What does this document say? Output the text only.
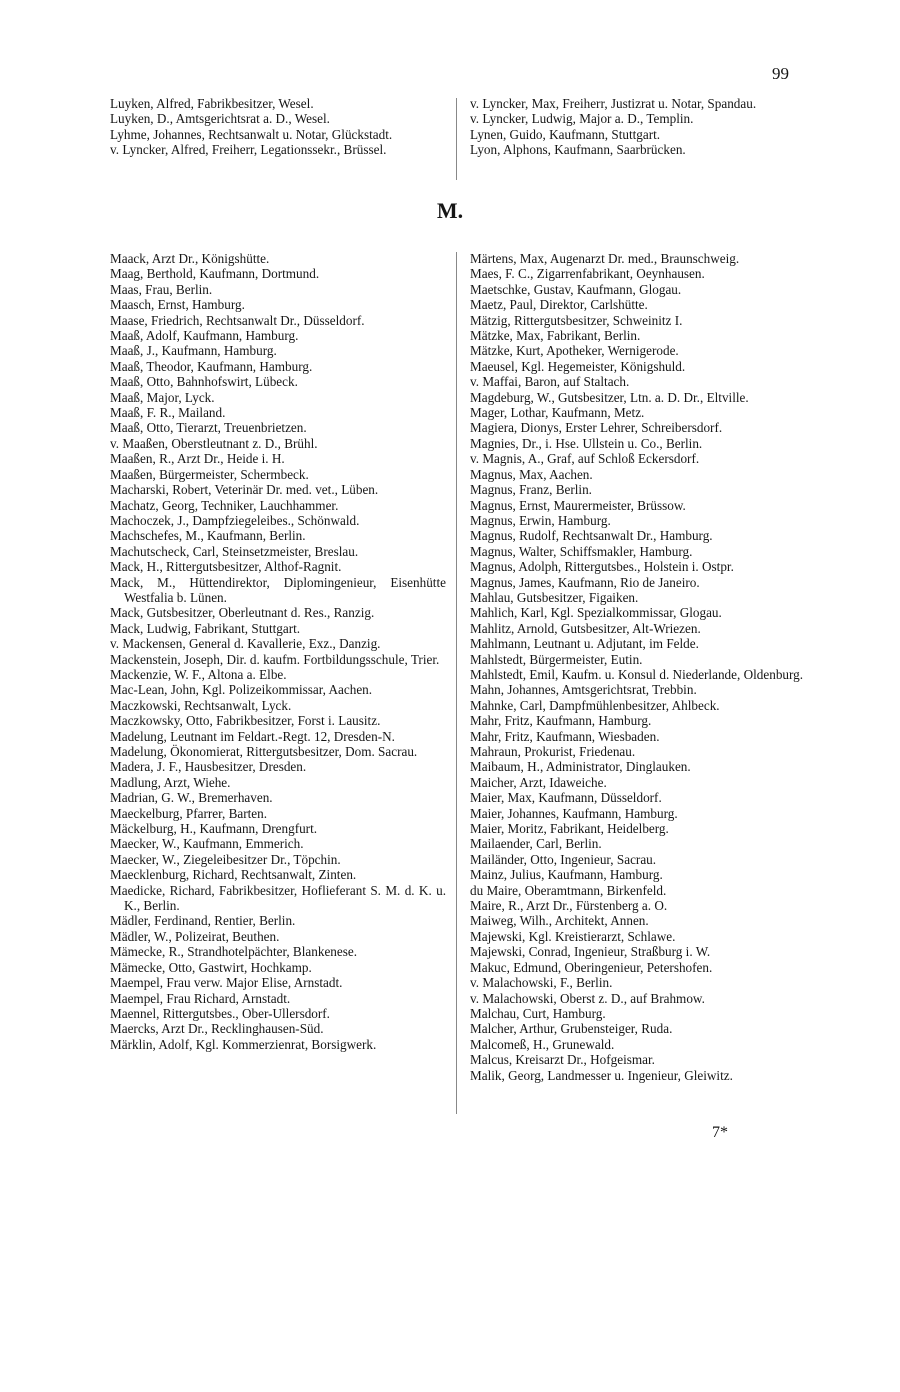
99
Luyken, Alfred, Fabrikbesitzer, Wesel.
Luyken, D., Amtsgerichtsrat a. D., Wesel.
Lyhme, Johannes, Rechtsanwalt u. Notar, Glückstadt.
v. Lyncker, Alfred, Freiherr, Legationssekr., Brüssel.
v. Lyncker, Max, Freiherr, Justizrat u. Notar, Spandau.
v. Lyncker, Ludwig, Major a. D., Templin.
Lynen, Guido, Kaufmann, Stuttgart.
Lyon, Alphons, Kaufmann, Saarbrücken.
M.
Maack, Arzt Dr., Königshütte.
Maag, Berthold, Kaufmann, Dortmund.
Maas, Frau, Berlin.
Maasch, Ernst, Hamburg.
Maase, Friedrich, Rechtsanwalt Dr., Düsseldorf.
Maaß, Adolf, Kaufmann, Hamburg.
Maaß, J., Kaufmann, Hamburg.
Maaß, Theodor, Kaufmann, Hamburg.
Maaß, Otto, Bahnhofswirt, Lübeck.
Maaß, Major, Lyck.
Maaß, F. R., Mailand.
Maaß, Otto, Tierarzt, Treuenbrietzen.
v. Maaßen, Oberstleutnant z. D., Brühl.
Maaßen, R., Arzt Dr., Heide i. H.
Maaßen, Bürgermeister, Schermbeck.
Macharski, Robert, Veterinär Dr. med. vet., Lüben.
Machatz, Georg, Techniker, Lauchhammer.
Machoczek, J., Dampfziegeleibes., Schönwald.
Machschefes, M., Kaufmann, Berlin.
Machutscheck, Carl, Steinsetzmeister, Breslau.
Mack, H., Rittergutsbesitzer, Althof-Ragnit.
Mack, M., Hüttendirektor, Diplomingenieur, Eisenhütte Westfalia b. Lünen.
Mack, Gutsbesitzer, Oberleutnant d. Res., Ranzig.
Mack, Ludwig, Fabrikant, Stuttgart.
v. Mackensen, General d. Kavallerie, Exz., Danzig.
Mackenstein, Joseph, Dir. d. kaufm. Fortbildungsschule, Trier.
Mackenzie, W. F., Altona a. Elbe.
Mac-Lean, John, Kgl. Polizeikommissar, Aachen.
Maczkowski, Rechtsanwalt, Lyck.
Maczkowsky, Otto, Fabrikbesitzer, Forst i. Lausitz.
Madelung, Leutnant im Feldart.-Regt. 12, Dresden-N.
Madelung, Ökonomierat, Rittergutsbesitzer, Dom. Sacrau.
Madera, J. F., Hausbesitzer, Dresden.
Madlung, Arzt, Wiehe.
Madrian, G. W., Bremerhaven.
Maeckelburg, Pfarrer, Barten.
Mäckelburg, H., Kaufmann, Drengfurt.
Maecker, W., Kaufmann, Emmerich.
Maecker, W., Ziegeleibesitzer Dr., Töpchin.
Maecklenburg, Richard, Rechtsanwalt, Zinten.
Maedicke, Richard, Fabrikbesitzer, Hoflieferant S. M. d. K. u. K., Berlin.
Mädler, Ferdinand, Rentier, Berlin.
Mädler, W., Polizeirat, Beuthen.
Mämecke, R., Strandhotelpächter, Blankenese.
Mämecke, Otto, Gastwirt, Hochkamp.
Maempel, Frau verw. Major Elise, Arnstadt.
Maempel, Frau Richard, Arnstadt.
Maennel, Rittergutsbes., Ober-Ullersdorf.
Maercks, Arzt Dr., Recklinghausen-Süd.
Märklin, Adolf, Kgl. Kommerzienrat, Borsigwerk.
Märtens, Max, Augenarzt Dr. med., Braunschweig.
Maes, F. C., Zigarrenfabrikant, Oeynhausen.
Maetschke, Gustav, Kaufmann, Glogau.
Maetz, Paul, Direktor, Carlshütte.
Mätzig, Rittergutsbesitzer, Schweinitz I.
Mätzke, Max, Fabrikant, Berlin.
Mätzke, Kurt, Apotheker, Wernigerode.
Maeusel, Kgl. Hegemeister, Königshuld.
v. Maffai, Baron, auf Staltach.
Magdeburg, W., Gutsbesitzer, Ltn. a. D. Dr., Eltville.
Mager, Lothar, Kaufmann, Metz.
Magiera, Dionys, Erster Lehrer, Schreibersdorf.
Magnies, Dr., i. Hse. Ullstein u. Co., Berlin.
v. Magnis, A., Graf, auf Schloß Eckersdorf.
Magnus, Max, Aachen.
Magnus, Franz, Berlin.
Magnus, Ernst, Maurermeister, Brüssow.
Magnus, Erwin, Hamburg.
Magnus, Rudolf, Rechtsanwalt Dr., Hamburg.
Magnus, Walter, Schiffsmakler, Hamburg.
Magnus, Adolph, Rittergutsbes., Holstein i. Ostpr.
Magnus, James, Kaufmann, Rio de Janeiro.
Mahlau, Gutsbesitzer, Figaiken.
Mahlich, Karl, Kgl. Spezialkommissar, Glogau.
Mahlitz, Arnold, Gutsbesitzer, Alt-Wriezen.
Mahlmann, Leutnant u. Adjutant, im Felde.
Mahlstedt, Bürgermeister, Eutin.
Mahlstedt, Emil, Kaufm. u. Konsul d. Niederlande, Oldenburg.
Mahn, Johannes, Amtsgerichtsrat, Trebbin.
Mahnke, Carl, Dampfmühlenbesitzer, Ahlbeck.
Mahr, Fritz, Kaufmann, Hamburg.
Mahr, Fritz, Kaufmann, Wiesbaden.
Mahraun, Prokurist, Friedenau.
Maibaum, H., Administrator, Dinglauken.
Maicher, Arzt, Idaweiche.
Maier, Max, Kaufmann, Düsseldorf.
Maier, Johannes, Kaufmann, Hamburg.
Maier, Moritz, Fabrikant, Heidelberg.
Mailaender, Carl, Berlin.
Mailänder, Otto, Ingenieur, Sacrau.
Mainz, Julius, Kaufmann, Hamburg.
du Maire, Oberamtmann, Birkenfeld.
Maire, R., Arzt Dr., Fürstenberg a. O.
Maiweg, Wilh., Architekt, Annen.
Majewski, Kgl. Kreistierarzt, Schlawe.
Majewski, Conrad, Ingenieur, Straßburg i. W.
Makuc, Edmund, Oberingenieur, Petershofen.
v. Malachowski, F., Berlin.
v. Malachowski, Oberst z. D., auf Brahmow.
Malchau, Curt, Hamburg.
Malcher, Arthur, Grubensteiger, Ruda.
Malcomeß, H., Grunewald.
Malcus, Kreisarzt Dr., Hofgeismar.
Malik, Georg, Landmesser u. Ingenieur, Gleiwitz.
7*
